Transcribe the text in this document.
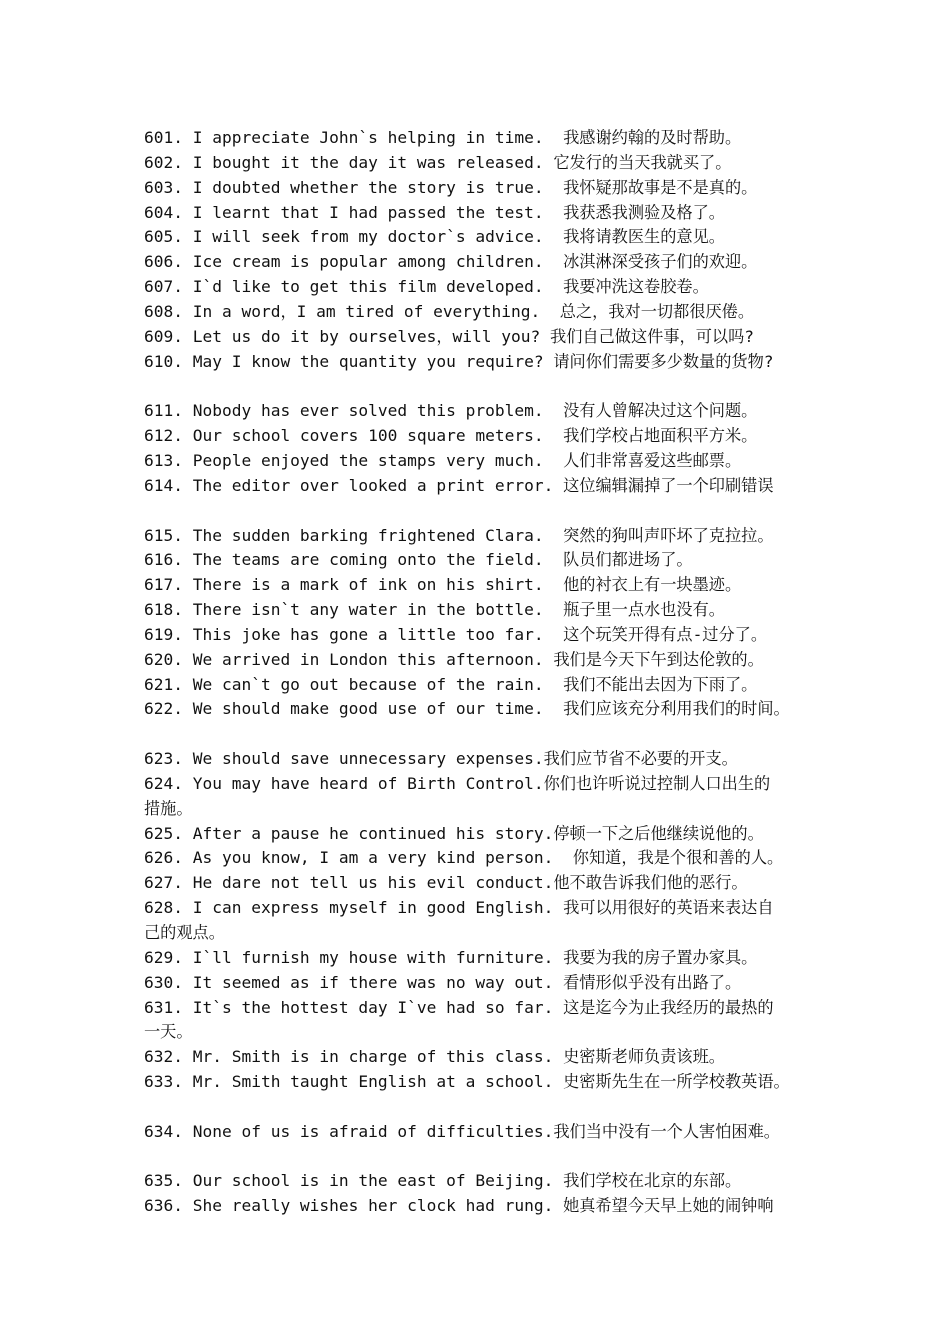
601. I appreciate John`s helping in time.  我感谢约翰的及时帮助。
602. I bought it the day it was released. 它发行的当天我就买了。
603. I doubted whether the story is true.  我怀疑那故事是不是真的。
604. I learnt that I had passed the test.  我获悉我测验及格了。
605. I will seek from my doctor`s advice.  我将请教医生的意见。
606. Ice cream is popular among children.  冰淇淋深受孩子们的欢迎。
607. I`d like to get this film developed.  我要冲洗这卷胶卷。
608. In a word，I am tired of everything.  总之，我对一切都很厌倦。
609. Let us do it by ourselves，will you? 我们自己做这件事，可以吗?
610. May I know the quantity you require? 请问你们需要多少数量的货物?
611. Nobody has ever solved this problem.  没有人曾解决过这个问题。
612. Our school covers 100 square meters.  我们学校占地面积平方米。
613. People enjoyed the stamps very much.  人们非常喜爱这些邮票。
614. The editor over looked a print error. 这位编辑漏掉了一个印刷错误
615. The sudden barking frightened Clara.  突然的狗叫声吓坏了克拉拉。
616. The teams are coming onto the field.  队员们都进场了。
617. There is a mark of ink on his shirt.  他的衬衣上有一块墨迹。
618. There isn`t any water in the bottle.  瓶子里一点水也没有。
619. This joke has gone a little too far.  这个玩笑开得有点-过分了。
620. We arrived in London this afternoon. 我们是今天下午到达伦敦的。
621. We can`t go out because of the rain.  我们不能出去因为下雨了。
622. We should make good use of our time.  我们应该充分利用我们的时间。
623. We should save unnecessary expenses.我们应节省不必要的开支。
624. You may have heard of Birth Control.你们也许听说过控制人口出生的
措施。
625. After a pause he continued his story.停顿一下之后他继续说他的。
626. As you know, I am a very kind person.  你知道，我是个很和善的人。
627. He dare not tell us his evil conduct.他不敢告诉我们他的恶行。
628. I can express myself in good English. 我可以用很好的英语来表达自
己的观点。
629. I`ll furnish my house with furniture. 我要为我的房子置办家具。
630. It seemed as if there was no way out. 看情形似乎没有出路了。
631. It`s the hottest day I`ve had so far. 这是迄今为止我经历的最热的
一天。
632. Mr. Smith is in charge of this class. 史密斯老师负责该班。
633. Mr. Smith taught English at a school. 史密斯先生在一所学校教英语。
634. None of us is afraid of difficulties.我们当中没有一个人害怕困难。
635. Our school is in the east of Beijing. 我们学校在北京的东部。
636. She really wishes her clock had rung. 她真希望今天早上她的闹钟响
